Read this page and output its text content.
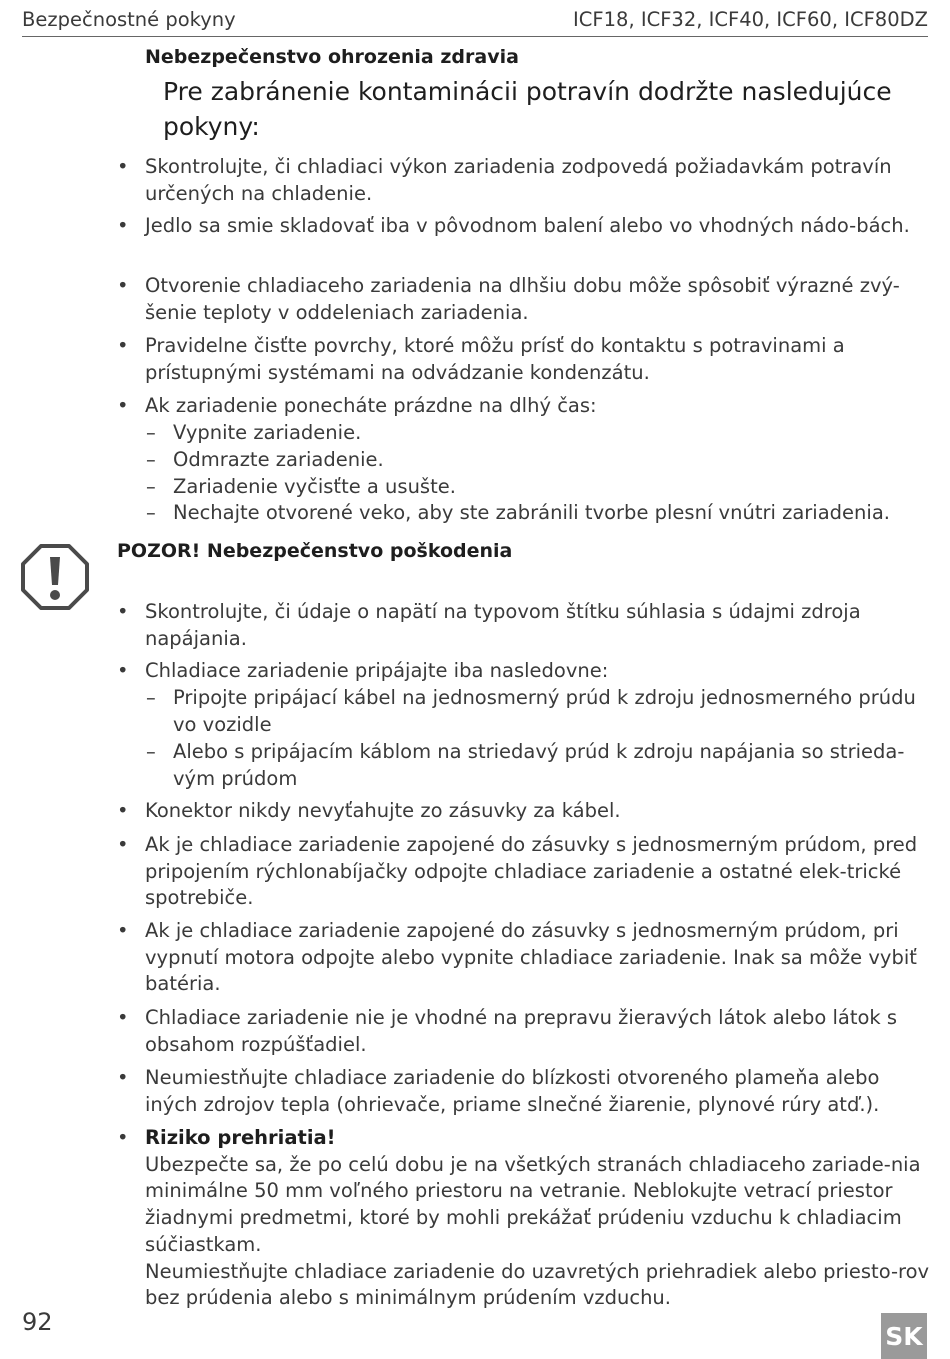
Bezpečnostné pokyny	ICF18, ICF32, ICF40, ICF60, ICF80DZ
Nebezpečenstvo ohrozenia zdravia
Pre zabránenie kontaminácii potravín dodržte nasledujúce pokyny:
• Skontrolujte, či chladiaci výkon zariadenia zodpovedá požiadavkám potravín určených na chladenie.
• Jedlo sa smie skladovať iba v pôvodnom balení alebo vo vhodných nádo-bách.
• Otvorenie chladiaceho zariadenia na dlhšiu dobu môže spôsobiť výrazné zvý-šenie teploty v oddeleniach zariadenia.
• Pravidelne čisťte povrchy, ktoré môžu prísť do kontaktu s potravinami a prístupnými systémami na odvádzanie kondenzátu.
• Ak zariadenie ponecháte prázdne na dlhý čas:
– Vypnite zariadenie.
– Odmrazte zariadenie.
– Zariadenie vyčisťte a usušte.
– Nechajte otvorené veko, aby ste zabránili tvorbe plesní vnútri zariadenia.
POZOR! Nebezpečenstvo poškodenia
• Skontrolujte, či údaje o napätí na typovom štítku súhlasia s údajmi zdroja napájania.
• Chladiace zariadenie pripájajte iba nasledovne:
– Pripojte pripájací kábel na jednosmerný prúd k zdroju jednosmerného prúdu vo vozidle
– Alebo s pripájacím káblom na striedavý prúd k zdroju napájania so strieda-vým prúdom
• Konektor nikdy nevyťahujte zo zásuvky za kábel.
• Ak je chladiace zariadenie zapojené do zásuvky s jednosmerným prúdom, pred pripojením rýchlonabíjačky odpojte chladiace zariadenie a ostatné elek-trické spotrebiče.
• Ak je chladiace zariadenie zapojené do zásuvky s jednosmerným prúdom, pri vypnutí motora odpojte alebo vypnite chladiace zariadenie. Inak sa môže vybiť batéria.
• Chladiace zariadenie nie je vhodné na prepravu žieravých látok alebo látok s obsahom rozpúšťadiel.
• Neumiestňujte chladiace zariadenie do blízkosti otvoreného plameňa alebo iných zdrojov tepla (ohrievače, priame slnečné žiarenie, plynové rúry atď.).
• Riziko prehriatia!
Ubezpečte sa, že po celú dobu je na všetkých stranách chladiaceho zariade-nia minimálne 50 mm voľného priestoru na vetranie. Neblokujte vetrací priestor žiadnymi predmetmi, ktoré by mohli prekážať prúdeniu vzduchu k chladiacim súčiastkam.
Neumiestňujte chladiace zariadenie do uzavretých priehradiek alebo priesto-rov bez prúdenia alebo s minimálnym prúdením vzduchu.
92	SK
